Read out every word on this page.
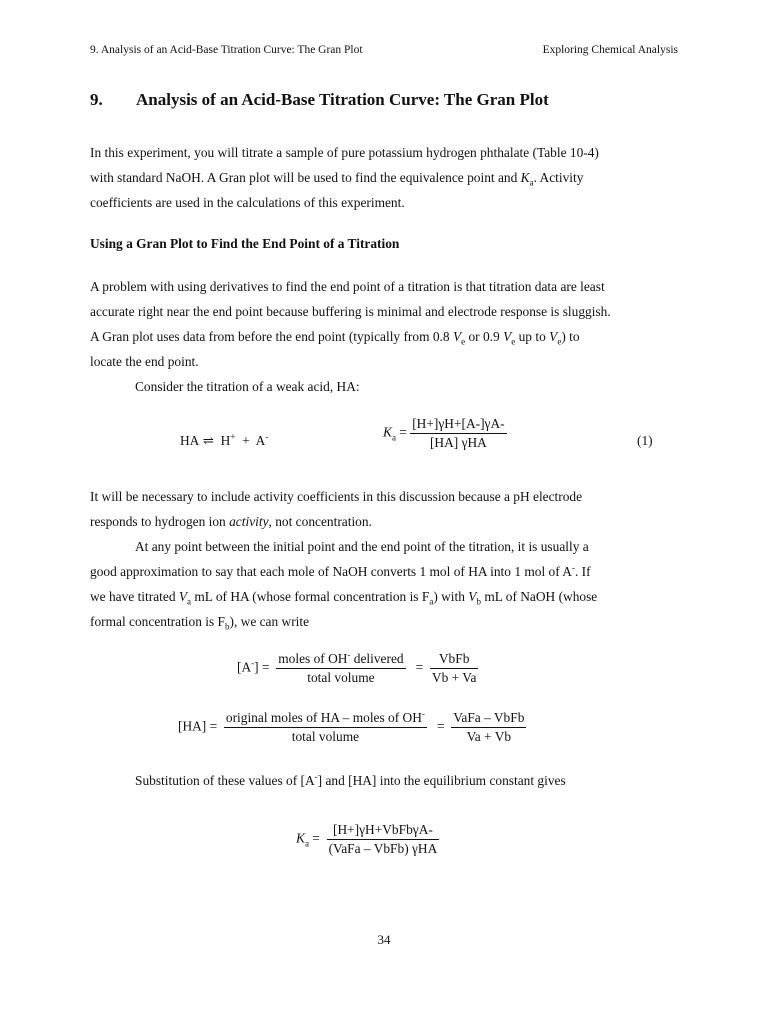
9. Analysis of an Acid-Base Titration Curve: The Gran Plot	Exploring Chemical Analysis
9. Analysis of an Acid-Base Titration Curve: The Gran Plot
In this experiment, you will titrate a sample of pure potassium hydrogen phthalate (Table 10-4)
with standard NaOH. A Gran plot will be used to find the equivalence point and $K_a$. Activity
coefficients are used in the calculations of this experiment.
Using a Gran Plot to Find the End Point of a Titration
A problem with using derivatives to find the end point of a titration is that titration data are least
accurate right near the end point because buffering is minimal and electrode response is sluggish.
A Gran plot uses data from before the end point (typically from 0.8 $V_e$ or 0.9 $V_e$ up to $V_e$) to
locate the end point.
Consider the titration of a weak acid, HA:
HA ⇌ H+ + A-	$K_a = \frac{[H+]\gamma H+[A-]\gamma A-}{\text{[HA] γHA}}$	(1)
It will be necessary to include activity coefficients in this discussion because a pH electrode
responds to hydrogen ion activity, not concentration.
At any point between the initial point and the end point of the titration, it is usually a
good approximation to say that each mole of NaOH converts 1 mol of HA into 1 mol of A-. If
we have titrated $V_a$ mL of HA (whose formal concentration is $F_a$) with $V_b$ mL of NaOH (whose
formal concentration is $F_b$), we can write
$[A^-] = \frac{moles of OH^- delivered}{\text{total volume}} = \frac{\text{VbFb}}{Vb + Va}$
$[HA] = \frac{original moles of HA - moles of OH^-}{\text{total volume}} = \frac{\text{VaFa – VbFb}}{Va + Vb}$
Substitution of these values of [A-] and [HA] into the equilibrium constant gives
$K_a = \frac{\text{[H+]γH+VbFbγA-}}{\text{(VaFa – VbFb) γHA}}$
34
